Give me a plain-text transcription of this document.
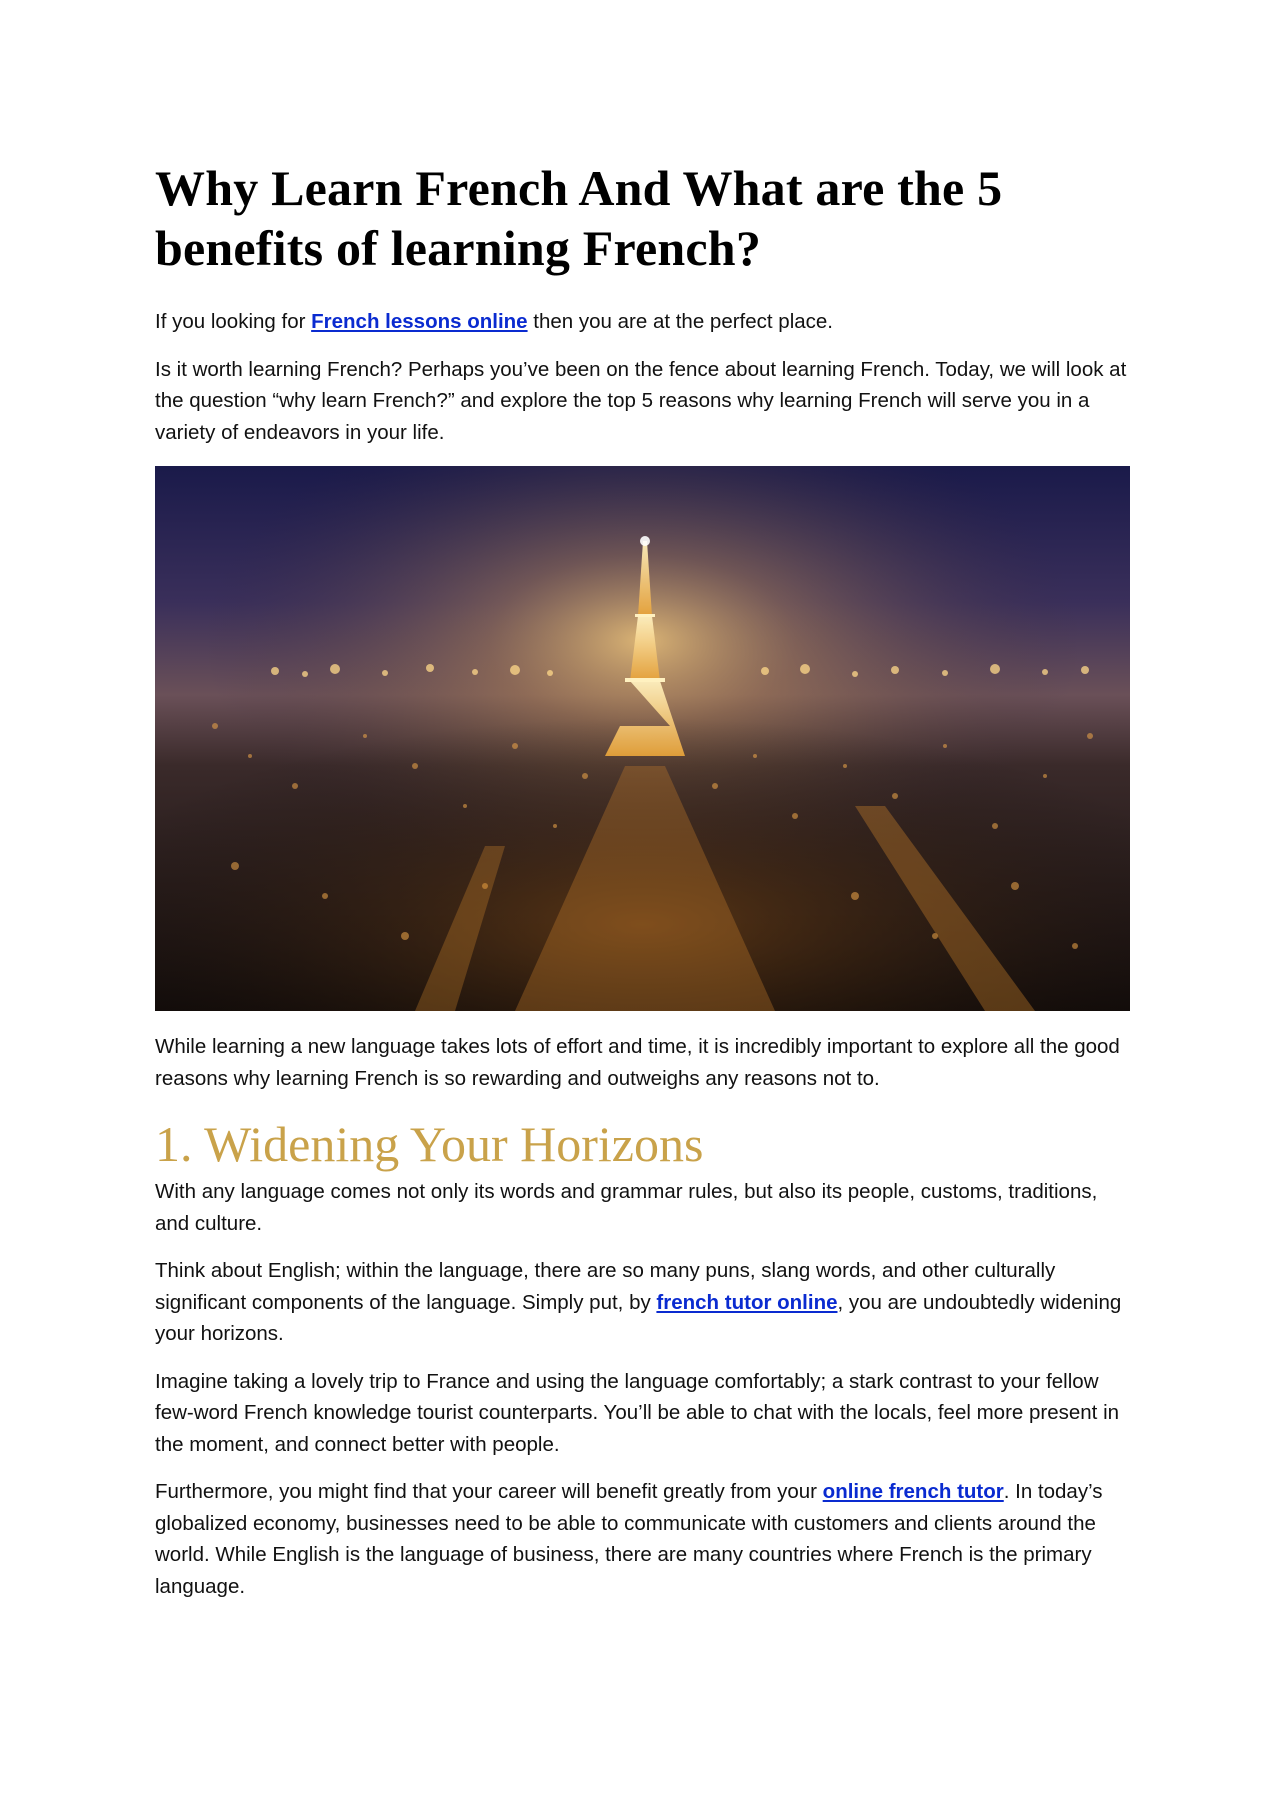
Why Learn French And What are the 5 benefits of learning French?

If you looking for French lessons online then you are at the perfect place.

Is it worth learning French? Perhaps you’ve been on the fence about learning French. Today, we will look at the question “why learn French?” and explore the top 5 reasons why learning French will serve you in a variety of endeavors in your life.

While learning a new language takes lots of effort and time, it is incredibly important to explore all the good reasons why learning French is so rewarding and outweighs any reasons not to.

1. Widening Your Horizons

With any language comes not only its words and grammar rules, but also its people, customs, traditions, and culture.

Think about English; within the language, there are so many puns, slang words, and other culturally significant components of the language. Simply put, by french tutor online, you are undoubtedly widening your horizons.

Imagine taking a lovely trip to France and using the language comfortably; a stark contrast to your fellow few-word French knowledge tourist counterparts. You’ll be able to chat with the locals, feel more present in the moment, and connect better with people.

Furthermore, you might find that your career will benefit greatly from your online french tutor. In today’s globalized economy, businesses need to be able to communicate with customers and clients around the world. While English is the language of business, there are many countries where French is the primary language.
